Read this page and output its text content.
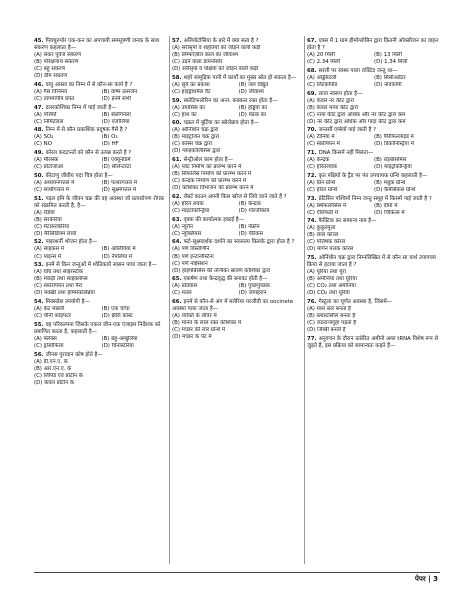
45. पिक्चुरुपोर एक-कन का अपचायी समसूत्रणी जनक के साथ संकरण कहलाता है—
(A) सकर पूर्वज संकरण
(B) परिक्षणार्थ संकरण
(C) बहु संकरण
(D) डीम संकरण
46. वायु आस्रव का निम्न में से कौन-सा कार्य है ?
(A) गैस विनिमय	(B) वाष्प उत्सर्जन
(C) तापमापीय प्रपत	(D) इनमें सभी
47. दलरकोशिका निम्न में पाई जाती है—
(A) पत्तियाँ	(B) सेलगिनेला
(C) निमिटोडस	(D) एजोलिया
48. निम्न में से कौन प्रकाशिक प्रदूषक गैसें है ?
(A) SO₂	(B) O₃
(C) NO	(D) HF
49. कोरल कदटान्तों को कौन से उत्पन्न करते है ?
(A) मौलस्क	(B) एक्यूनोडर्म
(C) प्रोटोजोआ	(D) सीलेन्टरेटा
50. कीटाणु जीवीय यदा चित्र होता है—
(A) अध्ययनगत्तल में	(B) पत्थरगत्तल में
(C) साथीगत्तल में	(D) सूक्ष्मगत्तल में
51. पढ़ल इमि के जीवन चक्र की वह अवस्था जो प्रत्यारोपण रोगक को संक्रमित करती है, है—
(A) रेडिया
(B) सरकेरिया
(C) मेटासरकेरिया
(D) मैरेसिडियम लार्वा
52. पाइरशर्नी भोजन होता है—
(A) साइकस में	(B) ओलिविया में
(C) पाइन्स में	(D) नैपलिया में
53. इनमें से किन जन्तुओं में श्वेतिकायें स्वसन पाया जाता है—
(A) घोंघ तथा साइरस्टॉक
(B) मकड़ी तथा साइक्लोप्स
(C) स्कोरपियन तथा पैंरा
(D) मक्खी तथा हमिमकलिन्नया
54. मिक्सडेस उपयोगी है—
(A) केट मछली	(B) एक चोंचा
(C) चीनी कोड़पटर	(D) झीरी कोस्ट
55. वह परिकल्पना जिसके एकल जीन-एक एंजाइम निर्देशक को प्रमाणित करता है, कहलाती है—
(A) फ्लेक्स	(B) बहु-अम्बुलिया
(C) ड्रोसोफिला	(D) चिनोस्टेरिया
56. जीनस पुरावान कोष होते है—
(A) डी.एन.ए. के
(B) आर.एन.ए. के
(C) लिपिड एवं प्रोटीन के
(D) केवल प्रोटीन के
57. अलियोटोसिया के बारे में क्या सत्य है ?
(A) सरीसृपों व शहतियों को जोड़ने वाली कड़ी
(B) लिम्फोज़ोल काल का जीवाश्म
(C) उड़ने वाला डायनोसोर
(D) सरीसृपों व पक्षियों को जोड़ने वाली कड़ी
58. शहरे सामुद्रिक पानी में कार्यों का मुख्य स्रोत हो सकता है—
(A) सूर्य का प्रकाश	(B) जल विद्युत
(C) हाइड्रोथर्मल वैंट	(D) जीवाश्म
59. स्कोटिफलोरिन का अन्त: कक्कल रक्त होता है—
(A) उपासिस का	(B) हड्डियों का
(C) हाथ का	(D) मेंढक का
60. चक्रत में बूर्टिया का खोलेन्नाय होता है—
(A) ओर्निथिन चक्र द्वारा
(B) माइट्रोजन चक्र द्वारा
(C) कोस्स चक्र द्वारा
(D) ग्लाइकोलिसिस द्वारा
61. सेन्ट्रीओल काम होता है—
(A) प्लेट निर्माण को प्रारम्भ करने में
(B) सिफलिस निर्माण को प्रारम्भ करने में
(C) केन्द्रक निर्माण को प्रारम्भ करने में
(D) कोशिका विभाजन को प्रारम्भ करने में
62. रॉबर्ट काउन अपनी किस खोज से लिये जाने जाते हैं ?
(A) हरित लवक	(B) केन्द्रक
(C) माइटोकॉन्ड्रिया	(D) गोल्जीकाय
63. वृक्क की कार्यात्मक इकाई है—
(A) न्यूरॉन	(B) नेफ्रॉन
(C) न्यूक्लियस	(D) पेरिकस
64. फ्टो-सूक्ष्मदर्शक दर्शाने का सरलतम किसके द्वारा होता है ?
(A) पर्ण विस्तीर्णीन
(B) पर्ण इन्टानोस्टिना
(C) पर्ण नाईसेशन
(D) हाइपोबेसिस की तन्त्रिका स्रावण कोशिका द्वारा
65. एकर्षण तथा केन्द्रवृद्ध की बनावट होती है—
(A) प्रतिवास	(B) पुच्छपुच्छक
(C) मतल	(D) जापहरान
66. इनमें से कौन-से अंग में मलेरिया परजीवी का oocinete अवस्था पाया जाता है—
(A) व्यक्ति के लीवर में
(B) मानव के लाल रक्त कोशिका में
(C) मच्छर की लार ग्रन्थि में
(D) मच्छर के पेट में
67. एक्स में 1 ग्राम हीमोग्लोबिन द्वारा कितनी ऑक्सीजन का वाहन होता है ?
(A) 20 मिली	(B) 13 मिली
(C) 2.34 मिली	(D) 1.34 मिली
68. सरली पर स्वस्थ पाला राक्टिंड जन्तु था—
(A) ओर्ड्डेसेटली	(B) सिसीअर्डंटर
(C) लिटकोपॉड	(D) नोवकोमी
69. लावा स्वरूप होता है—
(A) केवल नर कीट द्वारा
(B) केवल माया कीट द्वारा
(C) नाया कीट द्वारा अधिक और नर कीट द्वारा कम
(D) नर कीट द्वारा अधिक और गादा कीट द्वारा कम
70. जन्तर्सी एम्बेयाँ पाई जाती है ?
(A) टीनिया में	(B) पैरिफिल्लाइड में
(C) स्कोपियन में	(D) डिकोनिस्ट्रिया में
71. DNA किसमें नहीं मिलता—
(A) केन्द्रक	(B) राइबोसोमेस
(C) हरितलवक	(D) माइट्रोकॉन्ड्रिया
72. कृत पक्षियों के ट्रैंड पर पंत उपचायक ग्रन्थि कहलाती है—
(A) प्रिन ग्रन्थि	(B) मधुक ग्रन्थि
(C) हरित ग्रन्थि	(D) कैमेसिकस ग्रन्थि
73. प्रेटिसिन पश्चिमों निम्न जन्तु समूह में किसमें पाई जाती है ?
(A) स्थिफलोसिस में	(B) दीमों में
(C) ऐलिफडी में	(D) चिकित्स में
74. फैक्टिक का सामान्य नाम है—
(A) कुकुरमुत्ता
(B) लाल कोरल
(C) पत्तिषक कोरल
(D) मार्गेन पत्तक कोरल
75. ओर्निथीन चक्र द्वारा निम्नलिखित में से कौन सा यार्थ उपापचय क्रिया से हटाया जाता है ?
(A) यूरिया तथा यूरा
(B) अमोनिया तथा यूरिया
(C) CO₂ तथा अमोनिया
(D) CO₂ तथा यूरिया
76. गैस्टूला का चूर्णत अवस्था है, जिसमें—
(A) मध्य स्तर बनता है
(B) ब्लास्टोसील बनता है
(C) जठरान्त्रगुहा पड़ता है
(D) जिब्बी बनती है
77. अनुवचन के दौरान उत्प्रेरित अमीनो अम्ल tRNA विशेष रूप से जुड़ते हैं, इस प्रक्रिया को सामान्यतः कहते हैं—
पेपर | 3
